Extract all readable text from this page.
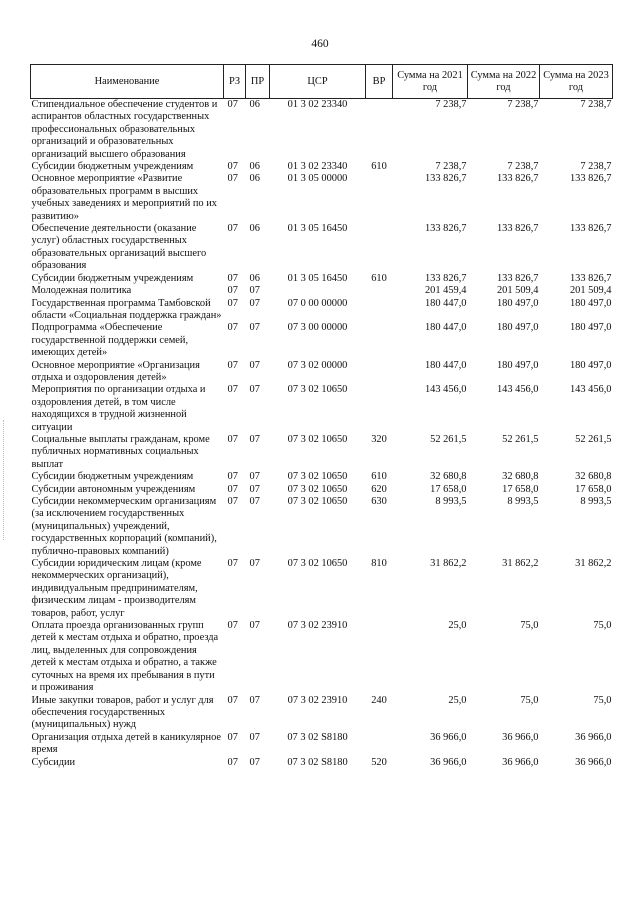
460
Наименование	РЗ	ПР	ЦСР	ВР	Сумма на 2021 год	Сумма на 2022 год	Сумма на 2023 год
Стипендиальное обеспечение студентов и аспирантов областных государственных профессиональных образовательных организаций и образовательных организаций высшего образования	07	06	01 3 02 23340		7 238,7	7 238,7	7 238,7
Субсидии бюджетным учреждениям	07	06	01 3 02 23340	610	7 238,7	7 238,7	7 238,7
Основное мероприятие «Развитие образовательных программ в высших учебных заведениях и мероприятий по их развитию»	07	06	01 3 05 00000		133 826,7	133 826,7	133 826,7
Обеспечение деятельности (оказание услуг) областных государственных образовательных организаций высшего образования	07	06	01 3 05 16450		133 826,7	133 826,7	133 826,7
Субсидии бюджетным учреждениям	07	06	01 3 05 16450	610	133 826,7	133 826,7	133 826,7
Молодежная политика	07	07			201 459,4	201 509,4	201 509,4
Государственная программа Тамбовской области «Социальная поддержка граждан»	07	07	07 0 00 00000		180 447,0	180 497,0	180 497,0
Подпрограмма «Обеспечение государственной поддержки семей, имеющих детей»	07	07	07 3 00 00000		180 447,0	180 497,0	180 497,0
Основное мероприятие «Организация отдыха и оздоровления детей»	07	07	07 3 02 00000		180 447,0	180 497,0	180 497,0
Мероприятия по организации отдыха и оздоровления детей, в том числе находящихся в трудной жизненной ситуации	07	07	07 3 02 10650		143 456,0	143 456,0	143 456,0
Социальные выплаты гражданам, кроме публичных нормативных социальных выплат	07	07	07 3 02 10650	320	52 261,5	52 261,5	52 261,5
Субсидии бюджетным учреждениям	07	07	07 3 02 10650	610	32 680,8	32 680,8	32 680,8
Субсидии автономным учреждениям	07	07	07 3 02 10650	620	17 658,0	17 658,0	17 658,0
Субсидии некоммерческим организациям (за исключением государственных (муниципальных) учреждений, государственных корпораций (компаний), публично-правовых компаний)	07	07	07 3 02 10650	630	8 993,5	8 993,5	8 993,5
Субсидии юридическим лицам (кроме некоммерческих организаций), индивидуальным предпринимателям, физическим лицам - производителям товаров, работ, услуг	07	07	07 3 02 10650	810	31 862,2	31 862,2	31 862,2
Оплата проезда организованных групп детей к местам отдыха и обратно, проезда лиц, выделенных для сопровождения детей к местам отдыха и обратно, а также суточных на время их пребывания в пути и проживания	07	07	07 3 02 23910		25,0	75,0	75,0
Иные закупки товаров, работ и услуг для обеспечения государственных (муниципальных) нужд	07	07	07 3 02 23910	240	25,0	75,0	75,0
Организация отдыха детей в каникулярное время	07	07	07 3 02 S8180		36 966,0	36 966,0	36 966,0
Субсидии	07	07	07 3 02 S8180	520	36 966,0	36 966,0	36 966,0
